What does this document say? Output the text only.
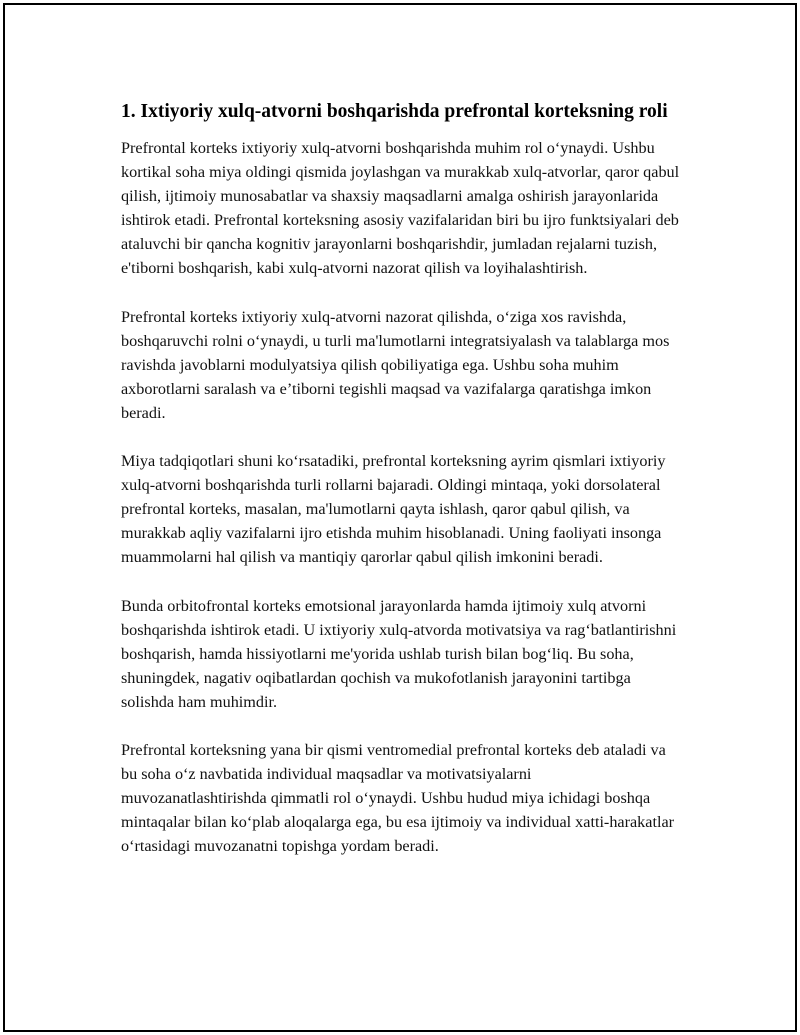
1. Ixtiyoriy xulq-atvorni boshqarishda prefrontal korteksning roli

Prefrontal korteks ixtiyoriy xulq-atvorni boshqarishda muhim rol o‘ynaydi. Ushbu kortikal soha miya oldingi qismida joylashgan va murakkab xulq-atvorlar, qaror qabul qilish, ijtimoiy munosabatlar va shaxsiy maqsadlarni amalga oshirish jarayonlarida ishtirok etadi. Prefrontal korteksning asosiy vazifalaridan biri bu ijro funktsiyalari deb ataluvchi bir qancha kognitiv jarayonlarni boshqarishdir, jumladan rejalarni tuzish, e'tiborni boshqarish, kabi xulq-atvorni nazorat qilish va loyihalashtirish.

Prefrontal korteks ixtiyoriy xulq-atvorni nazorat qilishda, o‘ziga xos ravishda, boshqaruvchi rolni o‘ynaydi, u turli ma'lumotlarni integratsiyalash va talablarga mos ravishda javoblarni modulyatsiya qilish qobiliyatiga ega. Ushbu soha muhim axborotlarni saralash va e’tiborni tegishli maqsad va vazifalarga qaratishga imkon beradi.

Miya tadqiqotlari shuni ko‘rsatadiki, prefrontal korteksning ayrim qismlari ixtiyoriy xulq-atvorni boshqarishda turli rollarni bajaradi. Oldingi mintaqa, yoki dorsolateral prefrontal korteks, masalan, ma'lumotlarni qayta ishlash, qaror qabul qilish, va murakkab aqliy vazifalarni ijro etishda muhim hisoblanadi. Uning faoliyati insonga muammolarni hal qilish va mantiqiy qarorlar qabul qilish imkonini beradi.

Bunda orbitofrontal korteks emotsional jarayonlarda hamda ijtimoiy xulq atvorni boshqarishda ishtirok etadi. U ixtiyoriy xulq-atvorda motivatsiya va rag‘batlantirishni boshqarish, hamda hissiyotlarni me'yorida ushlab turish bilan bog‘liq. Bu soha, shuningdek, nagativ oqibatlardan qochish va mukofotlanish jarayonini tartibga solishda ham muhimdir.

Prefrontal korteksning yana bir qismi ventromedial prefrontal korteks deb ataladi va bu soha o‘z navbatida individual maqsadlar va motivatsiyalarni muvozanatlashtirishda qimmatli rol o‘ynaydi. Ushbu hudud miya ichidagi boshqa mintaqalar bilan ko‘plab aloqalarga ega, bu esa ijtimoiy va individual xatti-harakatlar o‘rtasidagi muvozanatni topishga yordam beradi.
